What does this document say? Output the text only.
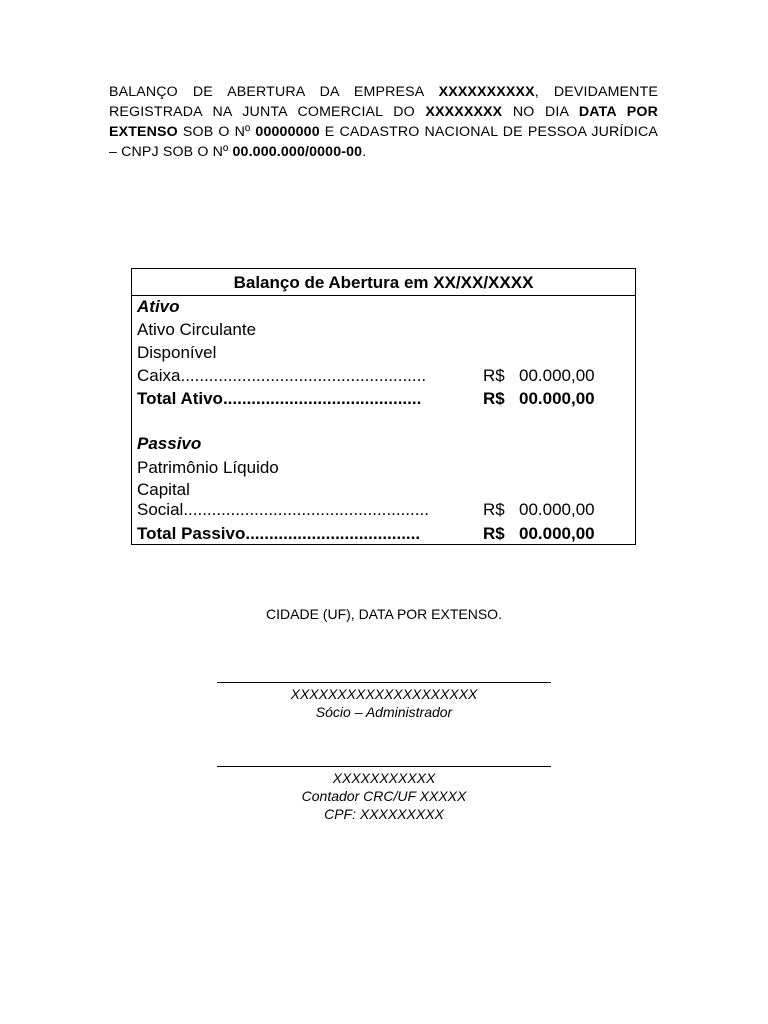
BALANÇO DE ABERTURA DA EMPRESA XXXXXXXXXX, DEVIDAMENTE REGISTRADA NA JUNTA COMERCIAL DO XXXXXXXX NO DIA DATA POR EXTENSO SOB O Nº 00000000 E CADASTRO NACIONAL DE PESSOA JURÍDICA – CNPJ SOB O Nº 00.000.000/0000-00.
Balanço de Abertura em XX/XX/XXXX
Ativo
Ativo Circulante
Disponível
Caixa....................................................	R$ 00.000,00
Total Ativo..........................................	R$ 00.000,00
Passivo
Patrimônio Líquido
Capital
Social....................................................	R$ 00.000,00
Total Passivo.....................................	R$ 00.000,00
CIDADE (UF), DATA POR EXTENSO.
XXXXXXXXXXXXXXXXXXXX
Sócio – Administrador
XXXXXXXXXXX
Contador CRC/UF XXXXX
CPF: XXXXXXXXX
